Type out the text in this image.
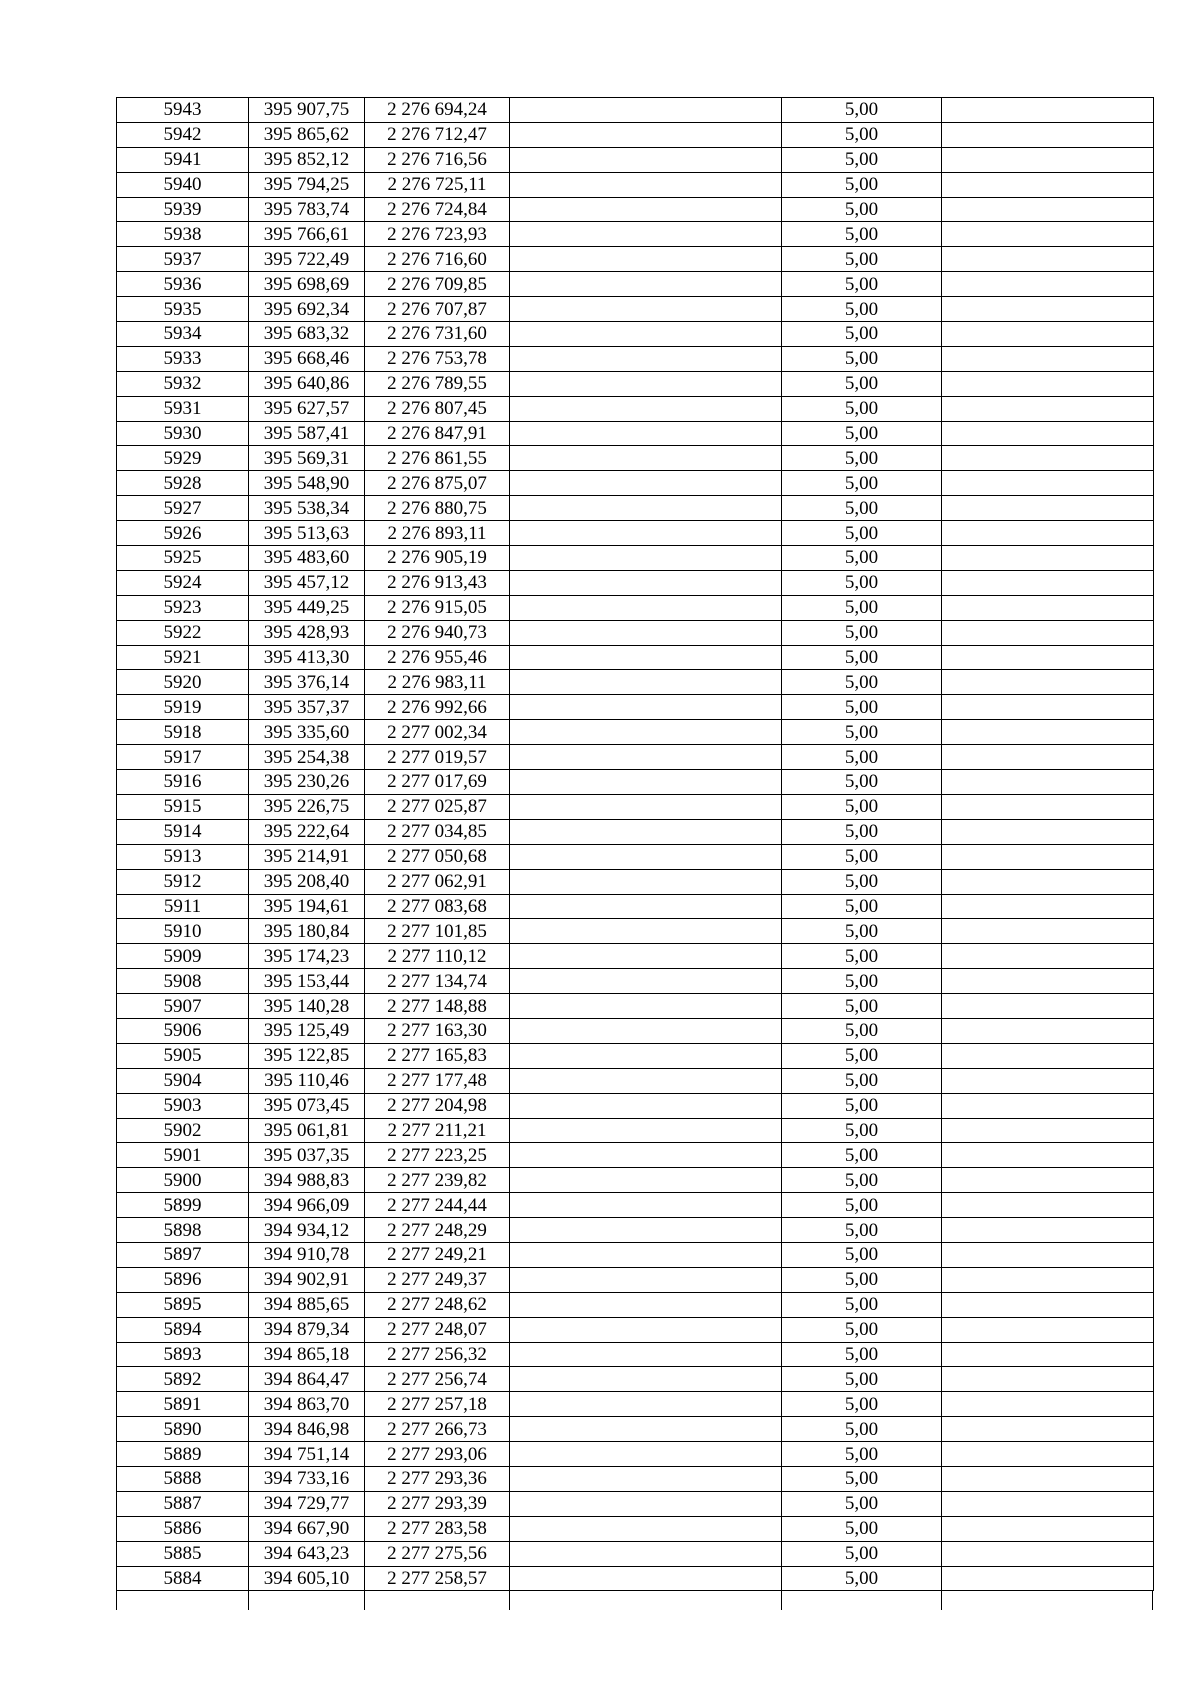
5943	395 907,75	2 276 694,24		5,00	
5942	395 865,62	2 276 712,47		5,00	
5941	395 852,12	2 276 716,56		5,00	
5940	395 794,25	2 276 725,11		5,00	
5939	395 783,74	2 276 724,84		5,00	
5938	395 766,61	2 276 723,93		5,00	
5937	395 722,49	2 276 716,60		5,00	
5936	395 698,69	2 276 709,85		5,00	
5935	395 692,34	2 276 707,87		5,00	
5934	395 683,32	2 276 731,60		5,00	
5933	395 668,46	2 276 753,78		5,00	
5932	395 640,86	2 276 789,55		5,00	
5931	395 627,57	2 276 807,45		5,00	
5930	395 587,41	2 276 847,91		5,00	
5929	395 569,31	2 276 861,55		5,00	
5928	395 548,90	2 276 875,07		5,00	
5927	395 538,34	2 276 880,75		5,00	
5926	395 513,63	2 276 893,11		5,00	
5925	395 483,60	2 276 905,19		5,00	
5924	395 457,12	2 276 913,43		5,00	
5923	395 449,25	2 276 915,05		5,00	
5922	395 428,93	2 276 940,73		5,00	
5921	395 413,30	2 276 955,46		5,00	
5920	395 376,14	2 276 983,11		5,00	
5919	395 357,37	2 276 992,66		5,00	
5918	395 335,60	2 277 002,34		5,00	
5917	395 254,38	2 277 019,57		5,00	
5916	395 230,26	2 277 017,69		5,00	
5915	395 226,75	2 277 025,87		5,00	
5914	395 222,64	2 277 034,85		5,00	
5913	395 214,91	2 277 050,68		5,00	
5912	395 208,40	2 277 062,91		5,00	
5911	395 194,61	2 277 083,68		5,00	
5910	395 180,84	2 277 101,85		5,00	
5909	395 174,23	2 277 110,12		5,00	
5908	395 153,44	2 277 134,74		5,00	
5907	395 140,28	2 277 148,88		5,00	
5906	395 125,49	2 277 163,30		5,00	
5905	395 122,85	2 277 165,83		5,00	
5904	395 110,46	2 277 177,48		5,00	
5903	395 073,45	2 277 204,98		5,00	
5902	395 061,81	2 277 211,21		5,00	
5901	395 037,35	2 277 223,25		5,00	
5900	394 988,83	2 277 239,82		5,00	
5899	394 966,09	2 277 244,44		5,00	
5898	394 934,12	2 277 248,29		5,00	
5897	394 910,78	2 277 249,21		5,00	
5896	394 902,91	2 277 249,37		5,00	
5895	394 885,65	2 277 248,62		5,00	
5894	394 879,34	2 277 248,07		5,00	
5893	394 865,18	2 277 256,32		5,00	
5892	394 864,47	2 277 256,74		5,00	
5891	394 863,70	2 277 257,18		5,00	
5890	394 846,98	2 277 266,73		5,00	
5889	394 751,14	2 277 293,06		5,00	
5888	394 733,16	2 277 293,36		5,00	
5887	394 729,77	2 277 293,39		5,00	
5886	394 667,90	2 277 283,58		5,00	
5885	394 643,23	2 277 275,56		5,00	
5884	394 605,10	2 277 258,57		5,00	
